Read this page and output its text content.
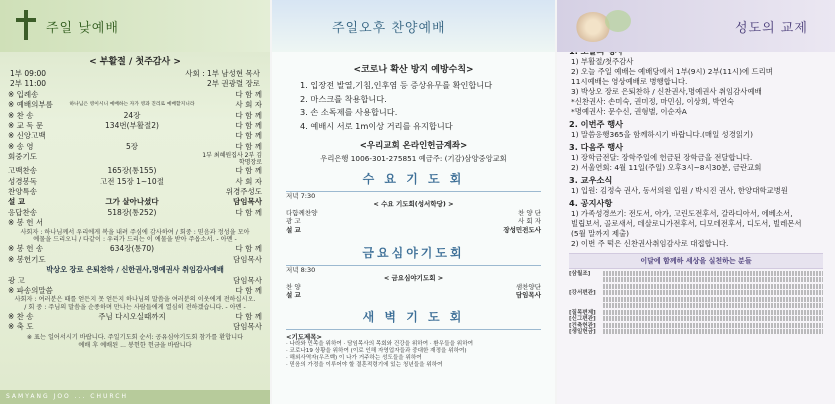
주일 낮예배
< 부활절 / 첫주감사 >
1부 09:00	사회 : 1부 남성현 목사
2부 11:00	2부 권광렬 장로
※ 입례송	다 함 께
※ 예배의부름	하나님은 영이시니 예배하는 자가 영과 진리로 예배할지니라	사 회 자
※ 찬 송	24장	다 함 께
※ 교 독 문	134번(부활절2)	다 함 께
※ 신앙고백	다 함 께
※ 송 영	5장	다 함 께
회중기도	1부 최혜원집사 2부 김학명장로
고백찬송	165장(통155)	다 함 께
성경봉독	고전 15장 1~10절	사 회 자
찬양특송	위경주성도
설 교	그가 살아나셨다	담임목사
응답찬송	518장(통252)	다 함 께
※ 봉 헌 서
사회자 : 하나님께서 우리에게 복을 내려 주심에 감사하여 / 회중 : 믿음과 정성을 모아 예물을 드리오니 / 다같이 : 우리가 드리는 이 예물을 받아 주옵소서. - 아멘 -
※ 봉 헌 송	634장(통70)	다 함 께
※ 봉헌기도	담임목사
박상오 장로 은퇴찬하 / 신한권사,명예권사 취임감사예배
광 고	담임목사
※ 파송의말씀	다 함 께
사회자 : 여러분은 때를 얻든지 못 얻든지 하나님의 말씀을 여러분의 이웃에게 전하십시오. / 회 중 : 주님의 말씀을 순종하며 만나는 사람들에게 열심히 전하겠습니다. - 아멘 -
※ 찬 송	주님 다시오실때까지	다 함 께
※ 축 도	담임목사
※ 표는 일어서시기 바랍니다. 주일기도회 순서: 공유심야기도회 참가를 환합니다
예배 후 예배된 ... 봉헌한 헌금을 바랍니다
SAMYANG JOO ... CHURCH
주일오후 찬양예배
<코로나 확산 방지 예방수칙>
1. 입장전 발열,기침,인후염 등 증상유무를 확인합니다
2. 마스크를 착용합니다.
3. 손 소독제를 사용합니다.
4. 예배시 서로 1m이상 거리를 유지합니다
<우리교회 온라인헌금계좌>
우리은행 1006-301-275851 예금주: (기감)삼양중앙교회
수 요 기 도 회
저녁 7:30
< 수요 기도회(성서학당) >
다함께찬양	찬 양 단
광 고	사 회 자
설 교	장성민전도사
금요심야기도회
저녁 8:30
< 금요심야기도회 >
찬 양	샘찬양단
설 교	담임목사
새 벽 기 도 회
<기도제목>
· 나라와 민족을 위하여 · 담임목사의 목회와 건강을 위하여 · 환우들을 위하여
· 코로나19 상황을 위하여 (이로 인해 자영업자들과 중대한 재정을 위하여)
· 해외사역자(우즈벡) 이 나가 거주하는 성도들을 위하여
· 믿음의 가정을 이루어야 할 결혼적령기에 있는 청년들을 위하여
성도의 교제
1) 부활절/첫주감사
2) 오늘 주일 예배는 예배당에서 1부(9시) 2부(11시)에 드리며
11시예배는 영상예배로 병행합니다.
3) 박상오 장로 은퇴찬하 / 신찬권사,명예권사 취임감사예배
*신찬권사: 손미숙, 권미정, 마민심, 이상희, 박연숙
*명예권사: 문수신, 권형별, 이순자A
2. 이번주 행사
1) 말씀응행365을 함께하시기 바랍니다.(매일 성경읽기)
3. 다음주 행사
1) 장학금전달: 장학주일에 헌금된 장학금을 전달합니다.
2) 서울연회: 4월 11일(주일) 오후3시~8시30분, 금란교회
3. 교우소식
1) 입원: 김정숙 권사, 동서의원 입원 / 박시진 권사, 한양대학교병원
4. 공지사항
1) 가족성경쓰기: 전도서, 아가, 고린도전후서, 갈라디아서, 에베소서,
빌립보서, 골로새서, 데살로니가전후서, 디모데전후서, 디도서, 빌레몬서
(5월 말까지 제출)
2) 이번 주 떡은 신찬권사취임감사로 대접합니다.
이달에 함께하 세상을 실천하는 분들
[삼월조]
[강서편관]
[질목편제]
[신그편관]
[건축헌관]
[생일헌금]
